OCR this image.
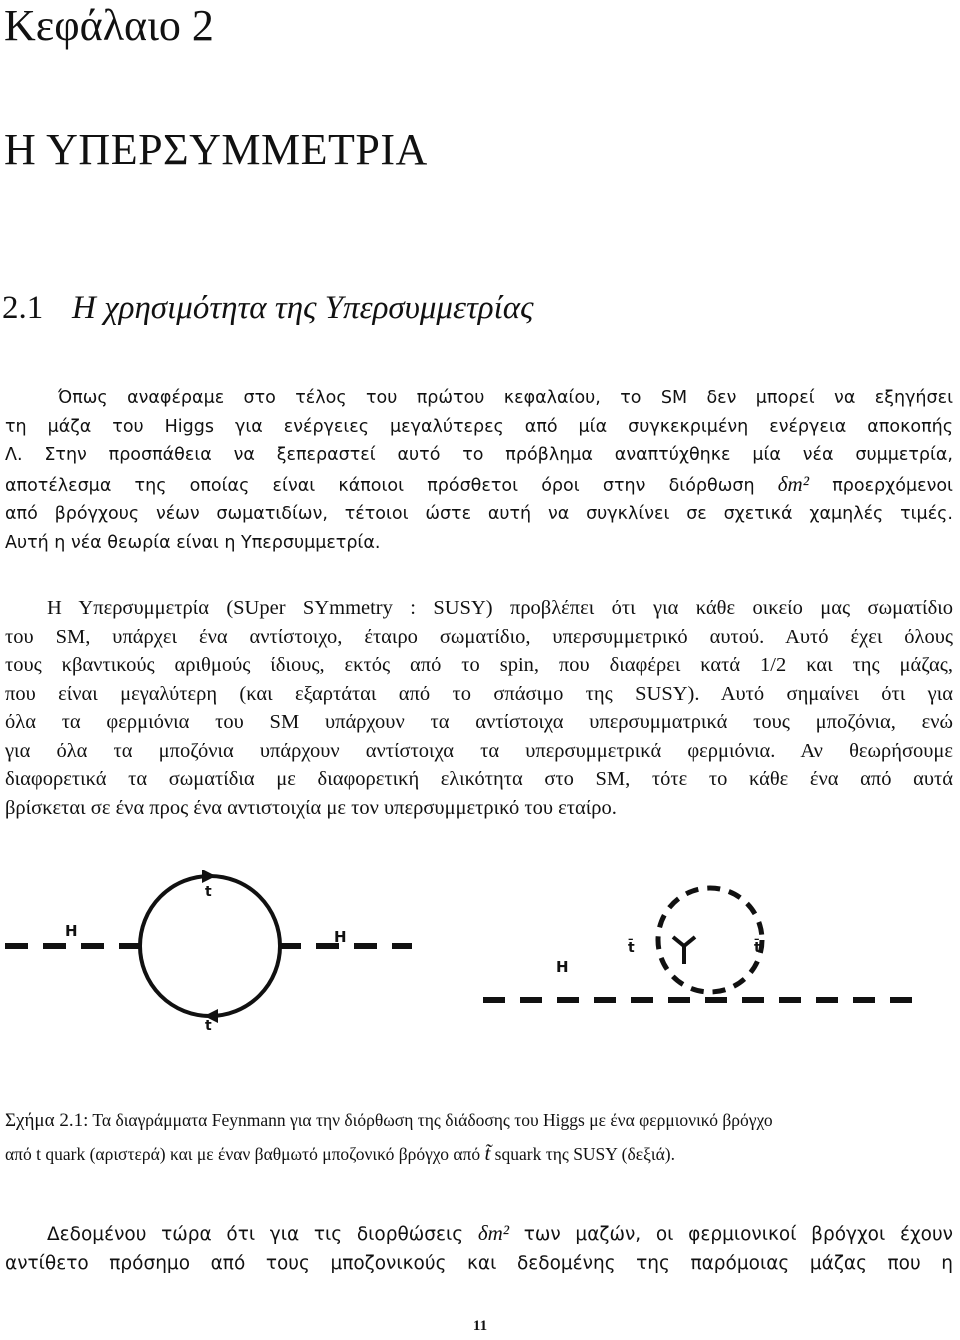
Κεφάλαιο 2
Η ΥΠΕΡΣΥΜΜΕΤΡΙΑ
2.1 Η χρησιμότητα της Υπερσυμμετρίας
Όπως αναφέραμε στο τέλος του πρώτου κεφαλαίου, το SM δεν μπορεί να εξηγήσει
τη μάζα του Higgs για ενέργειες μεγαλύτερες από μία συγκεκριμένη ενέργεια αποκοπής
Λ. Στην προσπάθεια να ξεπεραστεί αυτό το πρόβλημα αναπτύχθηκε μία νέα συμμετρία,
αποτέλεσμα της οποίας είναι κάποιοι πρόσθετοι όροι στην διόρθωση δm² προερχόμενοι
από βρόγχους νέων σωματιδίων, τέτοιοι ώστε αυτή να συγκλίνει σε σχετικά χαμηλές τιμές.
Αυτή η νέα θεωρία είναι η Υπερσυμμετρία.
Η Υπερσυμμετρία (SUper SYmmetry : SUSY) προβλέπει ότι για κάθε οικείο μας σωματίδιο
του SM, υπάρχει ένα αντίστοιχο, έταιρο σωματίδιο, υπερσυμμετρικό αυτού. Αυτό έχει όλους
τους κβαντικούς αριθμούς ίδιους, εκτός από το spin, που διαφέρει κατά 1/2 και της μάζας,
που είναι μεγαλύτερη (και εξαρτάται από το σπάσιμο της SUSY). Αυτό σημαίνει ότι για
όλα τα φερμιόνια του SM υπάρχουν τα αντίστοιχα υπερσυμματρικά τους μποζόνια, ενώ
για όλα τα μποζόνια υπάρχουν αντίστοιχα τα υπερσυμμετρικά φερμιόνια. Αν θεωρήσουμε
διαφορετικά τα σωματίδια με διαφορετική ελικότητα στο SM, τότε το κάθε ένα από αυτά
βρίσκεται σε ένα προς ένα αντιστοιχία με τον υπερσυμμετρικό του εταίρο.
H	H
t
t
H
t̄	t̄
Σχήμα 2.1: Τα διαγράμματα Feynmann για την διόρθωση της διάδοσης του Higgs με ένα φερμιονικό βρόγχο
από t quark (αριστερά) και με έναν βαθμωτό μποζονικό βρόγχο από t̃ squark της SUSY (δεξιά).
Δεδομένου τώρα ότι για τις διορθώσεις δm² των μαζών, οι φερμιονικοί βρόγχοι έχουν
αντίθετο πρόσημο από τους μποζονικούς και δεδομένης της παρόμοιας μάζας που η
11
